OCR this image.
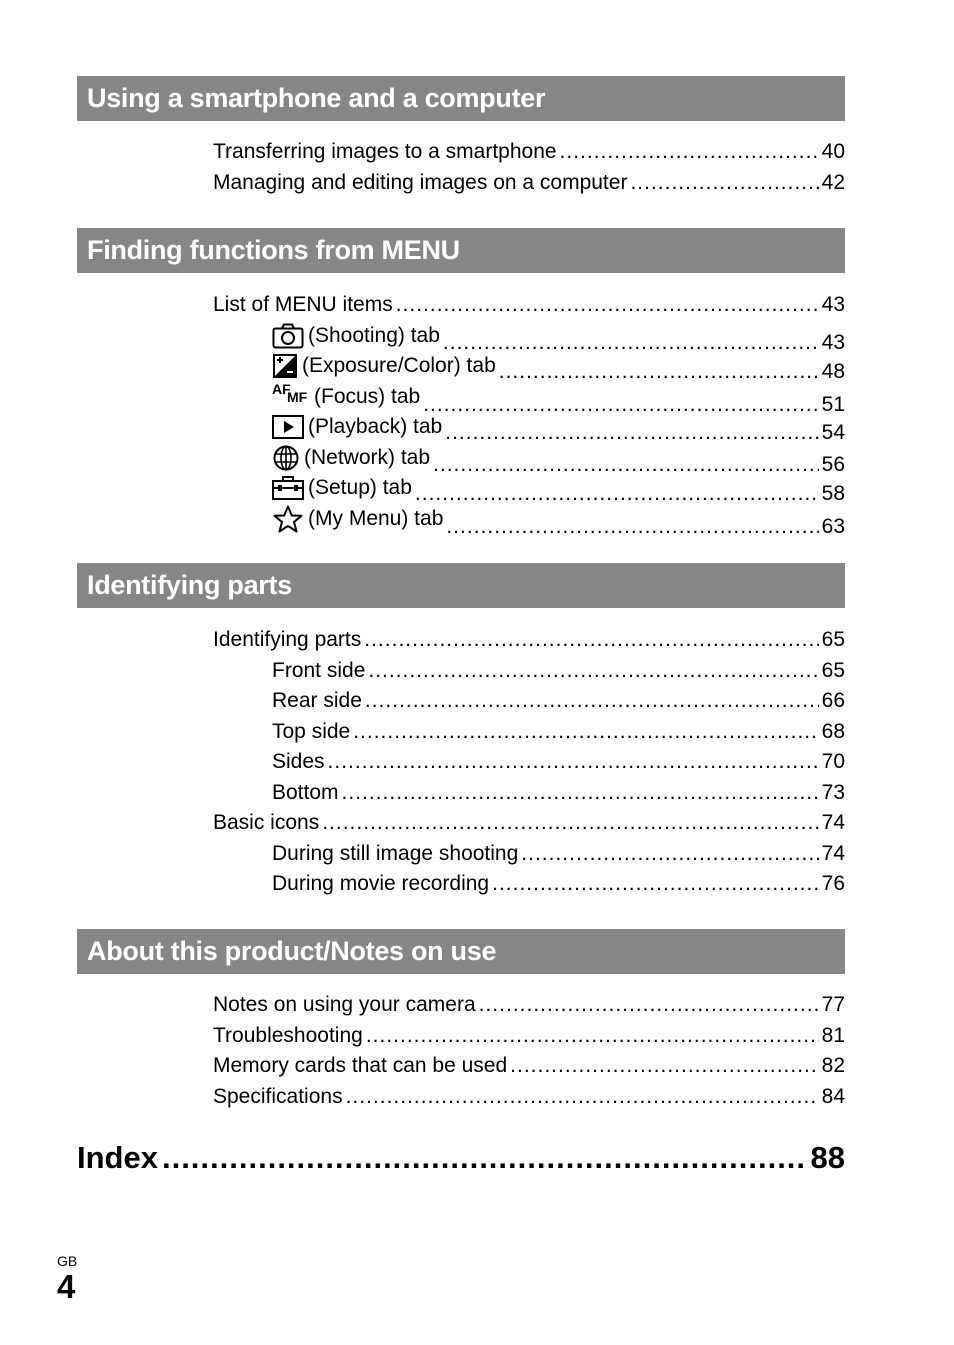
Using a smartphone and a computer
Transferring images to a smartphone .....	40
Managing and editing images on a computer .....	42
Finding functions from MENU
List of MENU items .....	43
(Shooting) tab .....	43
(Exposure/Color) tab .....	48
AF
MF (Focus) tab .....	51
(Playback) tab .....	54
(Network) tab .....	56
(Setup) tab .....	58
(My Menu) tab .....	63
Identifying parts
Identifying parts .....	65
Front side .....	65
Rear side .....	66
Top side .....	68
Sides .....	70
Bottom .....	73
Basic icons .....	74
During still image shooting .....	74
During movie recording .....	76
About this product/Notes on use
Notes on using your camera .....	77
Troubleshooting .....	81
Memory cards that can be used .....	82
Specifications .....	84
Index .....	88
GB
4
